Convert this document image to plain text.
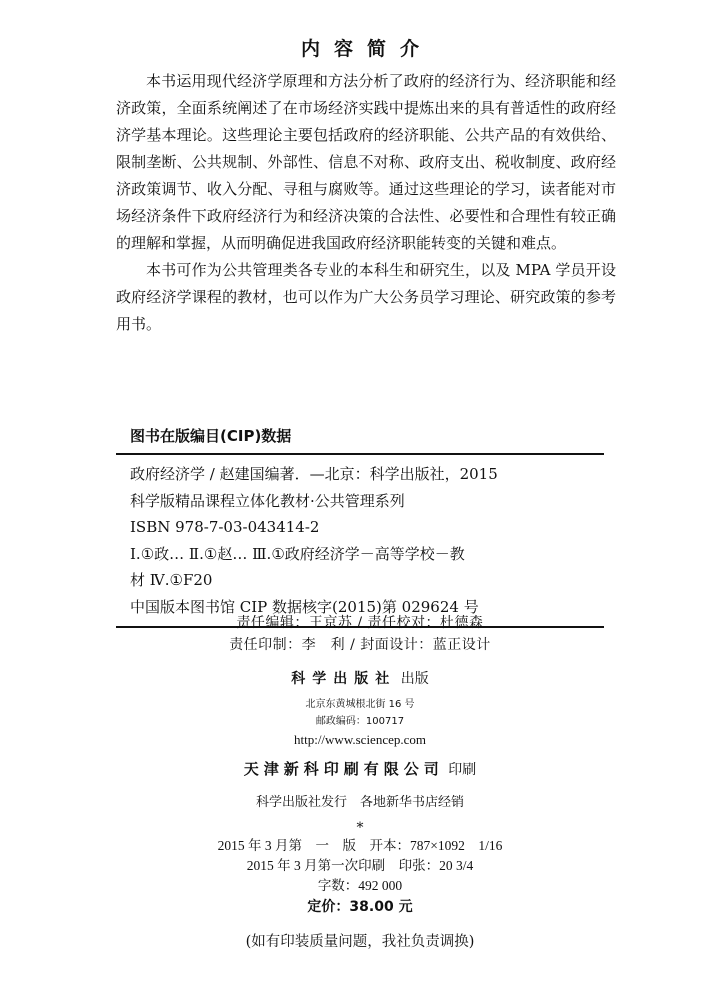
内容简介

本书运用现代经济学原理和方法分析了政府的经济行为、经济职能和经济政策，全面系统阐述了在市场经济实践中提炼出来的具有普适性的政府经济学基本理论。这些理论主要包括政府的经济职能、公共产品的有效供给、限制垄断、公共规制、外部性、信息不对称、政府支出、税收制度、政府经济政策调节、收入分配、寻租与腐败等。通过这些理论的学习，读者能对市场经济条件下政府经济行为和经济决策的合法性、必要性和合理性有较正确的理解和掌握，从而明确促进我国政府经济职能转变的关键和难点。

本书可作为公共管理类各专业的本科生和研究生，以及 MPA 学员开设政府经济学课程的教材，也可以作为广大公务员学习理论、研究政策的参考用书。

图书在版编目(CIP)数据
政府经济学 / 赵建国编著．—北京：科学出版社，2015
科学版精品课程立体化教材·公共管理系列
ISBN 978-7-03-043414-2
Ⅰ.①政… Ⅱ.①赵… Ⅲ.①政府经济学－高等学校－教
材 Ⅳ.①F20
中国版本图书馆 CIP 数据核字(2015)第 029624 号
责任编辑：王京苏 / 责任校对：杜德森
责任印制：李　利 / 封面设计：蓝正设计
科学出版社 出版
北京东黄城根北街 16 号
邮政编码：100717
http://www.sciencep.com
天津新科印刷有限公司 印刷
科学出版社发行　各地新华书店经销
*
2015 年 3 月第　一　版　开本：787×1092　1/16
2015 年 3 月第一次印刷　印张：20 3/4
字数：492 000
定价：38.00 元
(如有印装质量问题，我社负责调换)
